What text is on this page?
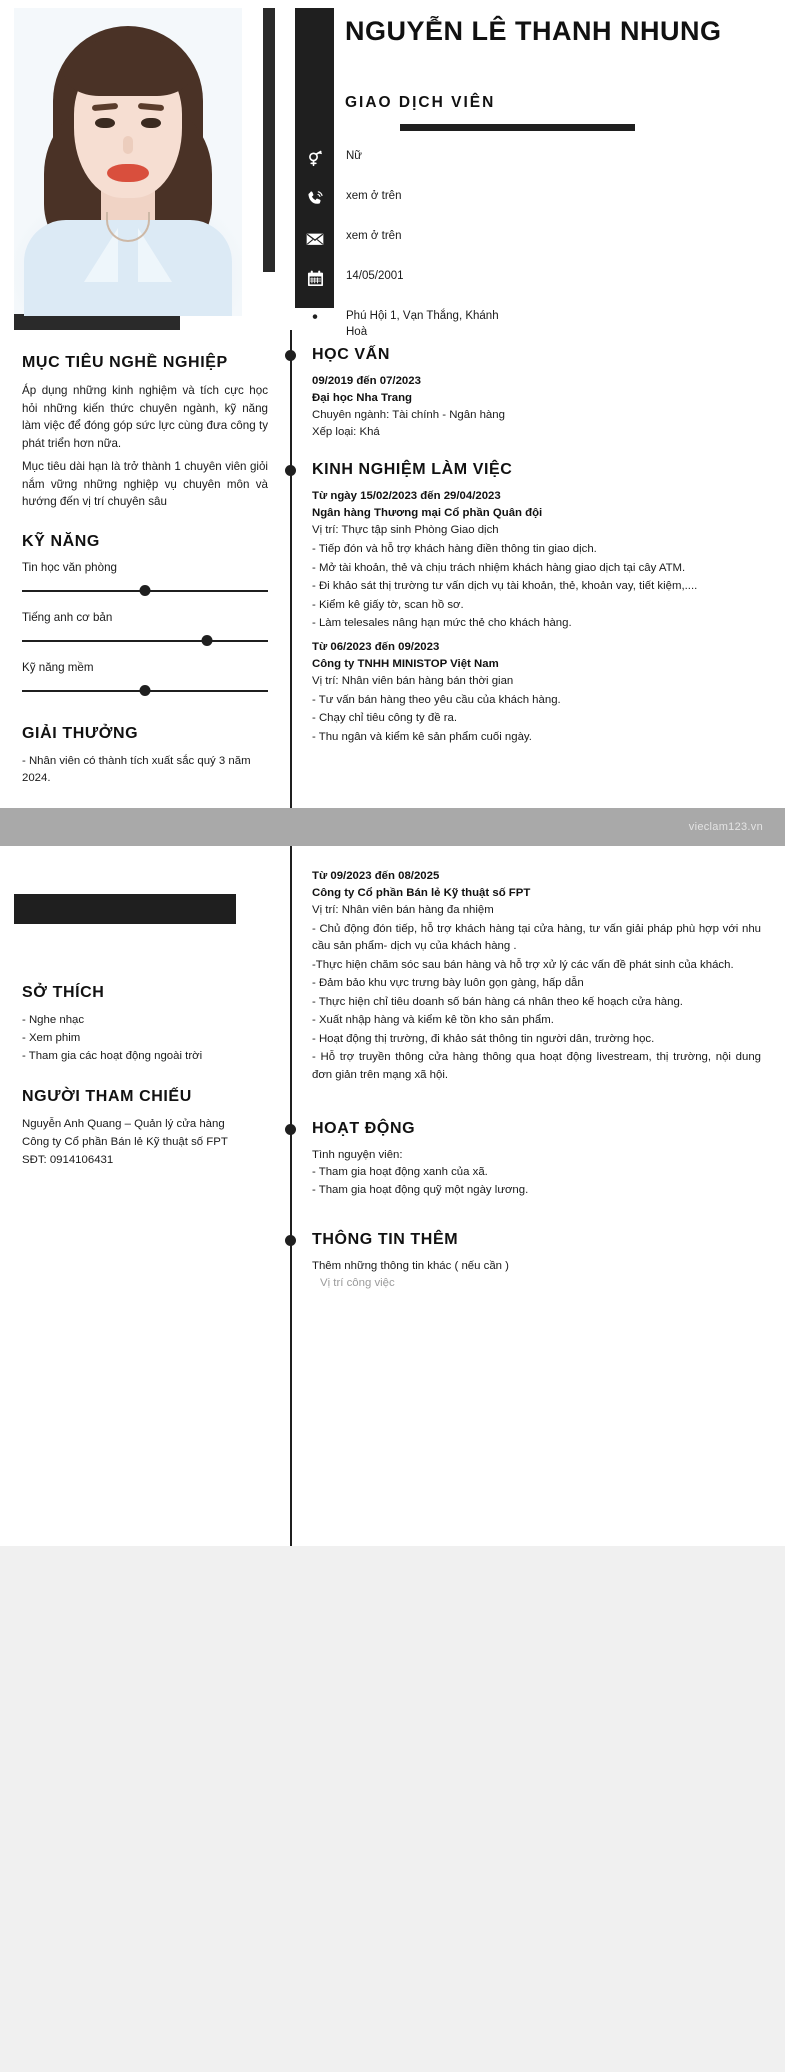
NGUYỄN LÊ THANH NHUNG
GIAO DỊCH VIÊN
Nữ
xem ở trên
xem ở trên
14/05/2001
Phú Hội 1, Vạn Thắng, Khánh Hoà
MỤC TIÊU NGHỀ NGHIỆP
Áp dụng những kinh nghiệm và tích cực học hỏi những kiến thức chuyên ngành, kỹ năng làm việc để đóng góp sức lực cùng đưa công ty phát triển hơn nữa.
Mục tiêu dài hạn là trở thành 1 chuyên viên giỏi nắm vững những nghiệp vụ chuyên môn và hướng đến vị trí chuyên sâu
KỸ NĂNG
Tin học văn phòng
Tiếng anh cơ bản
Kỹ năng mềm
GIẢI THƯỞNG
- Nhân viên có thành tích xuất sắc quý 3 năm 2024.
HỌC VẤN
09/2019 đến 07/2023
Đại học Nha Trang
Chuyên ngành: Tài chính - Ngân hàng
Xếp loại: Khá
KINH NGHIỆM LÀM VIỆC
Từ ngày 15/02/2023 đến 29/04/2023
Ngân hàng Thương mại Cổ phần Quân đội
Vị trí: Thực tập sinh Phòng Giao dịch
- Tiếp đón và hỗ trợ khách hàng điền thông tin giao dịch.
- Mở tài khoản, thẻ và chịu trách nhiệm khách hàng giao dịch tại cây ATM.
- Đi khảo sát thị trường tư vấn dịch vụ tài khoản, thẻ, khoản vay, tiết kiệm,....
- Kiểm kê giấy tờ, scan hồ sơ.
- Làm telesales nâng hạn mức thẻ cho khách hàng.
Từ 06/2023 đến 09/2023
Công ty TNHH MINISTOP Việt Nam
Vị trí: Nhân viên bán hàng bán thời gian
- Tư vấn bán hàng theo yêu cầu của khách hàng.
- Chạy chỉ tiêu công ty đề ra.
- Thu ngân và kiểm kê sản phẩm cuối ngày.
vieclam123.vn
SỞ THÍCH
- Nghe nhạc
- Xem phim
- Tham gia các hoạt động ngoài trời
NGƯỜI THAM CHIẾU
Nguyễn Anh Quang – Quản lý cửa hàng
Công ty Cổ phần Bán lẻ Kỹ thuật số FPT
SĐT: 0914106431
Từ 09/2023 đến 08/2025
Công ty Cổ phần Bán lẻ Kỹ thuật số FPT
Vị trí: Nhân viên bán hàng đa nhiệm
- Chủ động đón tiếp, hỗ trợ khách hàng tại cửa hàng, tư vấn giải pháp phù hợp với nhu cầu sản phẩm- dịch vụ của khách hàng .
-Thực hiện chăm sóc sau bán hàng và hỗ trợ xử lý các vấn đề phát sinh của khách.
- Đảm bảo khu vực trưng bày luôn gọn gàng, hấp dẫn
- Thực hiện chỉ tiêu doanh số bán hàng cá nhân theo kế hoạch cửa hàng.
- Xuất nhập hàng và kiểm kê tồn kho sản phẩm.
- Hoạt động thị trường, đi khảo sát thông tin người dân, trường học.
- Hỗ trợ truyền thông cửa hàng thông qua hoạt động livestream, thị trường, nội dung đơn giản trên mạng xã hội.
HOẠT ĐỘNG
Tình nguyện viên:
- Tham gia hoạt động xanh của xã.
- Tham gia hoạt động quỹ một ngày lương.
THÔNG TIN THÊM
Thêm những thông tin khác ( nếu cần )
Vị trí công việc
